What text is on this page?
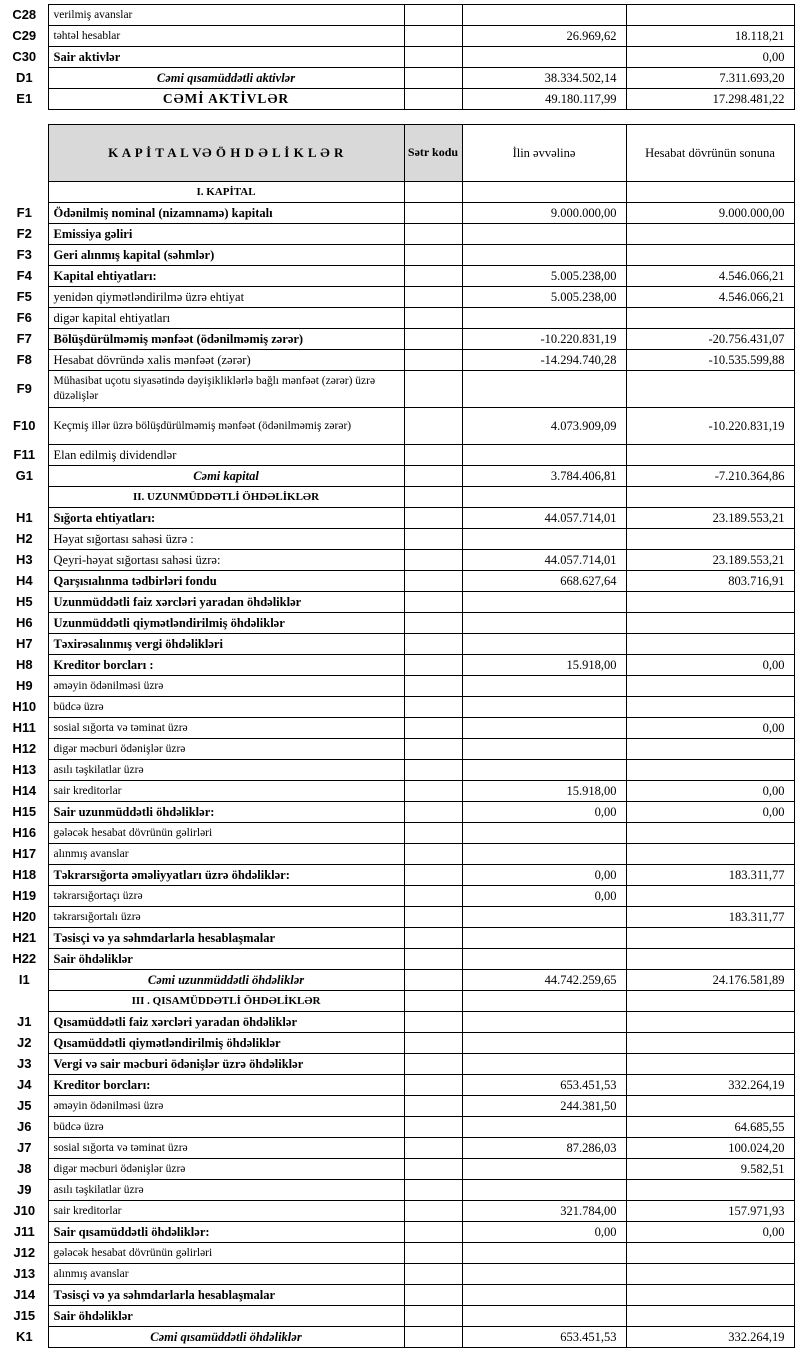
C28	verilmiş avanslar			
C29	təhtəl hesablar		26.969,62	18.118,21
C30	Sair aktivlər			0,00
D1	Cəmi qısamüddətli aktivlər		38.334.502,14	7.311.693,20
E1	CƏMİ AKTİVLƏR		49.180.117,99	17.298.481,22

	K A P İ T A L VƏ Ö H D Ə L İ K L Ə R	Sətr kodu	İlin əvvəlinə	Hesabat dövrünün sonuna
	I. KAPİTAL			
F1	Ödənilmiş nominal (nizamnamə) kapitalı		9.000.000,00	9.000.000,00
F2	Emissiya gəliri			
F3	Geri alınmış kapital (səhmlər)			
F4	Kapital ehtiyatları:		5.005.238,00	4.546.066,21
F5	yenidən qiymətləndirilmə üzrə ehtiyat		5.005.238,00	4.546.066,21
F6	digər kapital ehtiyatları			
F7	Bölüşdürülməmiş mənfəət (ödənilməmiş zərər)		-10.220.831,19	-20.756.431,07
F8	Hesabat dövründə xalis mənfəət (zərər)		-14.294.740,28	-10.535.599,88
F9	Mühasibat uçotu siyasətində dəyişikliklərlə bağlı mənfəət (zərər) üzrə düzəlişlər			
F10	Keçmiş illər üzrə bölüşdürülməmiş mənfəət (ödənilməmiş zərər)		4.073.909,09	-10.220.831,19
F11	Elan edilmiş dividendlər			
G1	Cəmi kapital		3.784.406,81	-7.210.364,86
	II. UZUNMÜDDƏTLİ ÖHDƏLİKLƏR			
H1	Sığorta ehtiyatları:		44.057.714,01	23.189.553,21
H2	Həyat sığortası sahəsi üzrə :			
H3	Qeyri-həyat sığortası sahəsi üzrə:		44.057.714,01	23.189.553,21
H4	Qarşısıalınma tədbirləri fondu		668.627,64	803.716,91
H5	Uzunmüddətli faiz xərcləri yaradan öhdəliklər			
H6	Uzunmüddətli qiymətləndirilmiş öhdəliklər			
H7	Təxirəsalınmış vergi öhdəlikləri			
H8	Kreditor borcları :		15.918,00	0,00
H9	əməyin ödənilməsi üzrə			
H10	büdcə üzrə			
H11	sosial sığorta və təminat üzrə			0,00
H12	digər məcburi ödənişlər üzrə			
H13	asılı təşkilatlar üzrə			
H14	sair kreditorlar		15.918,00	0,00
H15	Sair uzunmüddətli öhdəliklər:		0,00	0,00
H16	gələcək hesabat dövrünün gəlirləri			
H17	alınmış avanslar			
H18	Təkrarsığorta əməliyyatları üzrə öhdəliklər:		0,00	183.311,77
H19	təkrarsığortaçı üzrə		0,00	
H20	təkrarsığortalı üzrə			183.311,77
H21	Təsisçi və ya səhmdarlarla hesablaşmalar			
H22	Sair öhdəliklər			
I1	Cəmi uzunmüddətli öhdəliklər		44.742.259,65	24.176.581,89
	III . QISAMÜDDƏTLİ ÖHDƏLİKLƏR			
J1	Qısamüddətli faiz xərcləri yaradan öhdəliklər			
J2	Qısamüddətli qiymətləndirilmiş öhdəliklər			
J3	Vergi və sair məcburi ödənişlər üzrə öhdəliklər			
J4	Kreditor borcları:		653.451,53	332.264,19
J5	əməyin ödənilməsi üzrə		244.381,50	
J6	büdcə üzrə			64.685,55
J7	sosial sığorta və təminat üzrə		87.286,03	100.024,20
J8	digər məcburi ödənişlər üzrə			9.582,51
J9	asılı təşkilatlar üzrə			
J10	sair kreditorlar		321.784,00	157.971,93
J11	Sair qısamüddətli öhdəliklər:		0,00	0,00
J12	gələcək hesabat dövrünün gəlirləri			
J13	alınmış avanslar			
J14	Təsisçi və ya səhmdarlarla hesablaşmalar			
J15	Sair öhdəliklər			
K1	Cəmi qısamüddətli öhdəliklər		653.451,53	332.264,19
